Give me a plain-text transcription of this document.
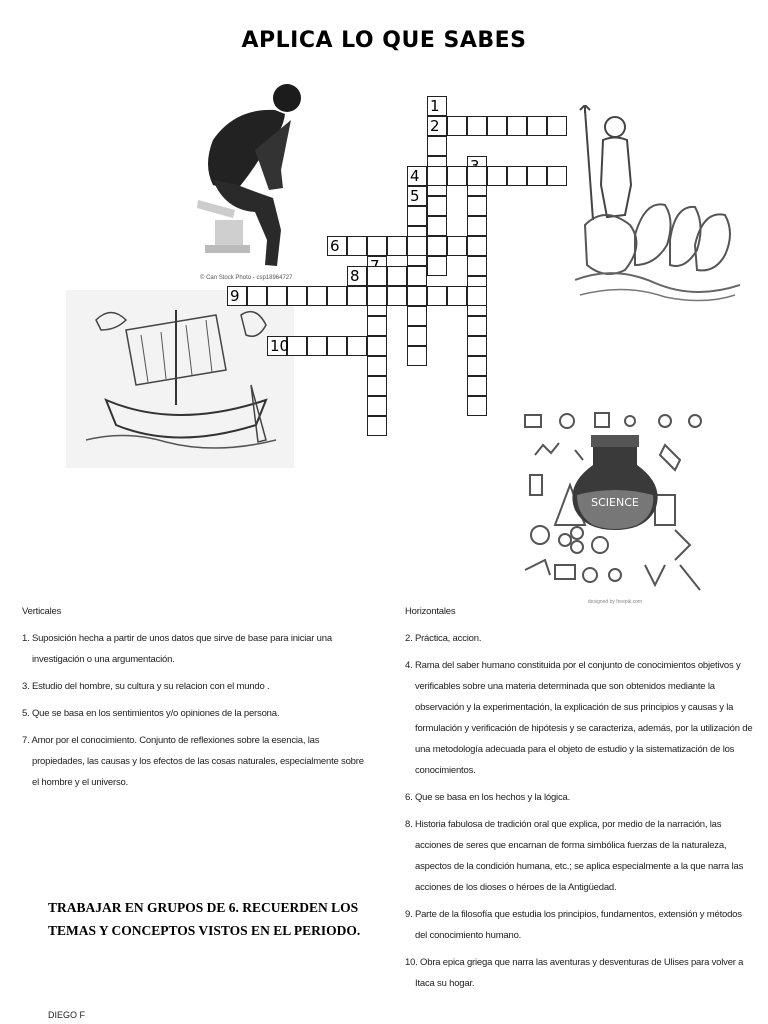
APLICA LO QUE SABES
© Can Stock Photo - csp18964727
SCIENCE
designed by freepik.com
1
2
4
5
6
8
9
10
Verticales
1. Suposición hecha a partir de unos datos que sirve de base para iniciar una investigación o una argumentación.
3. Estudio del hombre, su cultura y su relacion con el mundo .
5. Que se basa en los sentimientos y/o opiniones de la persona.
7. Amor por el conocimiento. Conjunto de reflexiones sobre la esencia, las propiedades, las causas y los efectos de las cosas naturales, especialmente sobre el hombre y el universo.
Horizontales
2. Práctica, accion.
4. Rama del saber humano constituida por el conjunto de conocimientos objetivos y verificables sobre una materia determinada que son obtenidos mediante la observación y la experimentación, la explicación de sus principios y causas y la formulación y verificación de hipótesis y se caracteriza, además, por la utilización de una metodología adecuada para el objeto de estudio y la sistematización de los conocimientos.
6. Que se basa en los hechos y la lógica.
8. Historia fabulosa de tradición oral que explica, por medio de la narración, las acciones de seres que encarnan de forma simbólica fuerzas de la naturaleza, aspectos de la condición humana, etc.; se aplica especialmente a la que narra las acciones de los dioses o héroes de la Antigüedad.
9. Parte de la filosofía que estudia los principios, fundamentos, extensión y métodos del conocimiento humano.
10. Obra epica griega que narra las aventuras y desventuras de Ulises para volver a Itaca su hogar.
TRABAJAR EN GRUPOS DE 6. RECUERDEN LOS TEMAS Y CONCEPTOS VISTOS EN EL PERIODO.
DIEGO F
